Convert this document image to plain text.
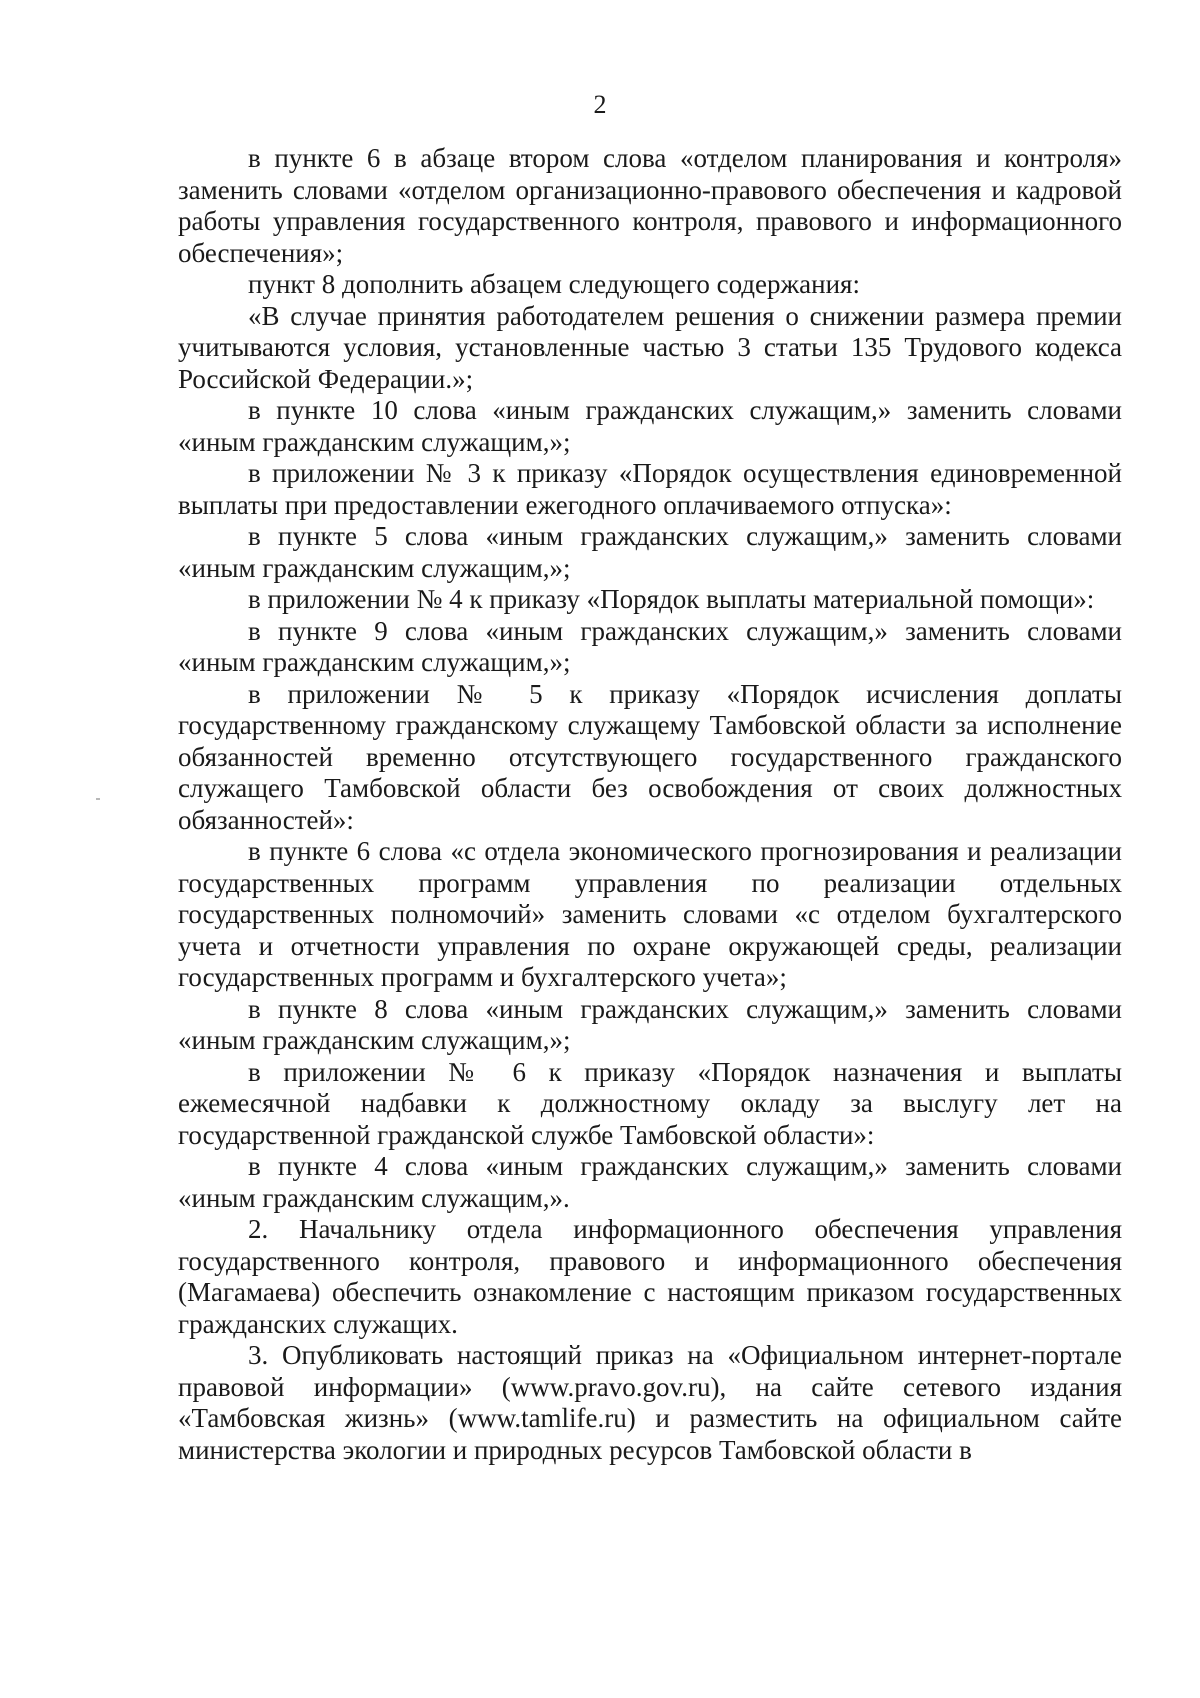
2

в пункте 6 в абзаце втором слова «отделом планирования и контроля» заменить словами «отделом организационно-правового обеспечения и кадровой работы управления государственного контроля, правового и информационного обеспечения»;

пункт 8 дополнить абзацем следующего содержания:

«В случае принятия работодателем решения о снижении размера премии учитываются условия, установленные частью 3 статьи 135 Трудового кодекса Российской Федерации.»;

в пункте 10 слова «иным гражданских служащим,» заменить словами «иным гражданским служащим,»;

в приложении № 3 к приказу «Порядок осуществления единовременной выплаты при предоставлении ежегодного оплачиваемого отпуска»:

в пункте 5 слова «иным гражданских служащим,» заменить словами «иным гражданским служащим,»;

в приложении № 4 к приказу «Порядок выплаты материальной помощи»:

в пункте 9 слова «иным гражданских служащим,» заменить словами «иным гражданским служащим,»;

в приложении № 5 к приказу «Порядок исчисления доплаты государственному гражданскому служащему Тамбовской области за исполнение обязанностей временно отсутствующего государственного гражданского служащего Тамбовской области без освобождения от своих должностных обязанностей»:

в пункте 6 слова «с отдела экономического прогнозирования и реализации государственных программ управления по реализации отдельных государственных полномочий» заменить словами «с отделом бухгалтерского учета и отчетности управления по охране окружающей среды, реализации государственных программ и бухгалтерского учета»;

в пункте 8 слова «иным гражданских служащим,» заменить словами «иным гражданским служащим,»;

в приложении № 6 к приказу «Порядок назначения и выплаты ежемесячной надбавки к должностному окладу за выслугу лет на государственной гражданской службе Тамбовской области»:

в пункте 4 слова «иным гражданских служащим,» заменить словами «иным гражданским служащим,».

2. Начальнику отдела информационного обеспечения управления государственного контроля, правового и информационного обеспечения (Магамаева) обеспечить ознакомление с настоящим приказом государственных гражданских служащих.

3. Опубликовать настоящий приказ на «Официальном интернет-портале правовой информации» (www.pravo.gov.ru), на сайте сетевого издания «Тамбовская жизнь» (www.tamlife.ru) и разместить на официальном сайте министерства экологии и природных ресурсов Тамбовской области в
